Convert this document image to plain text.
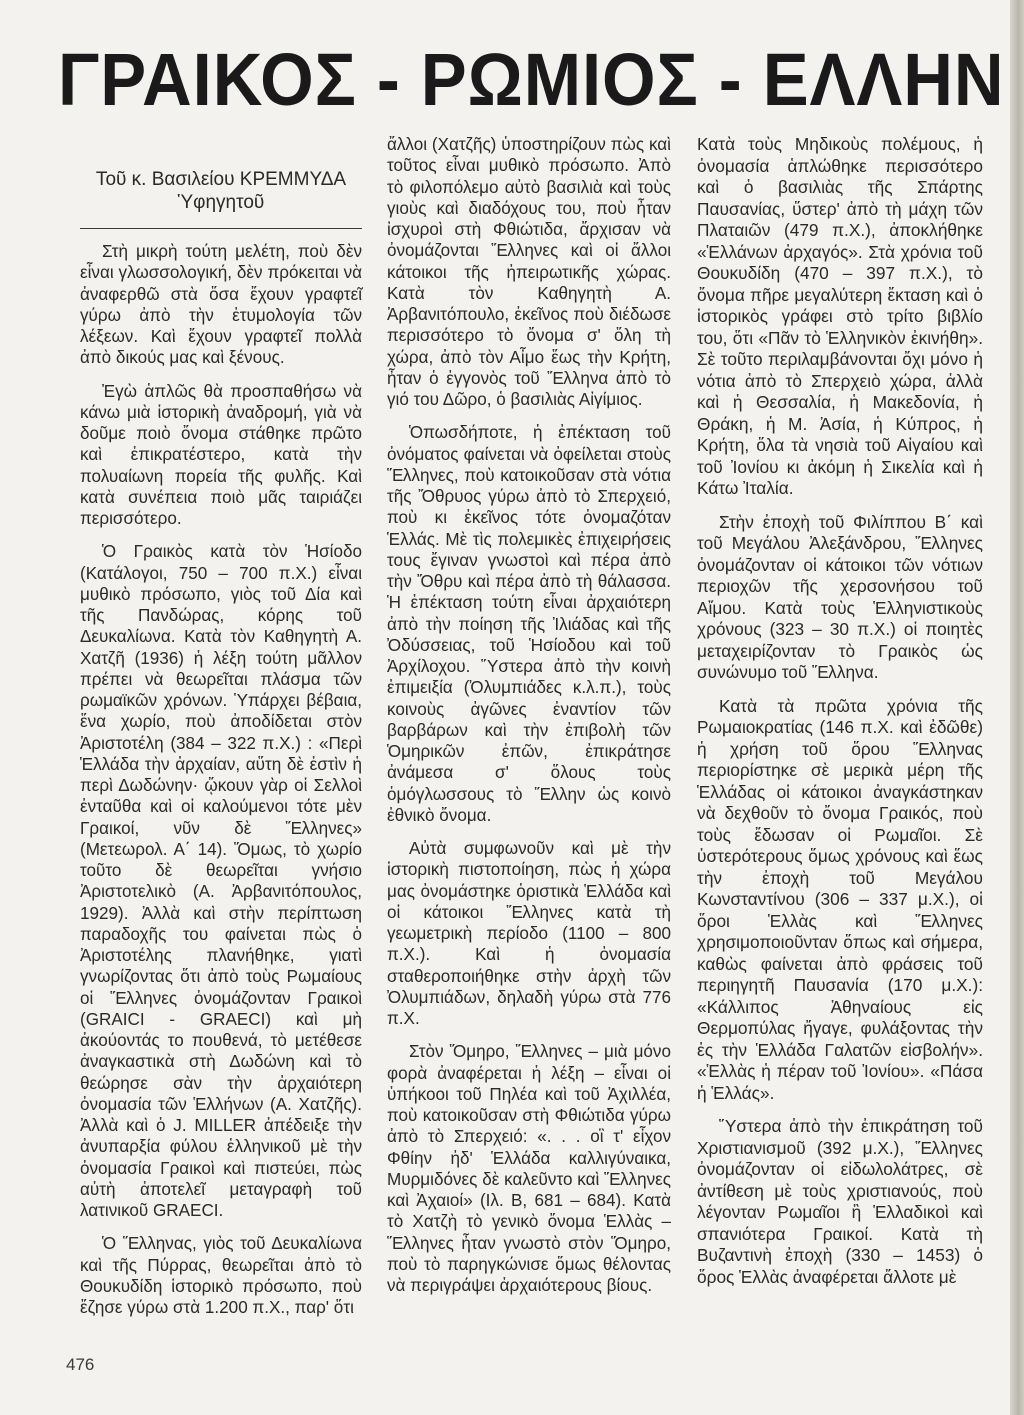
ΓΡΑΙΚΟΣ - ΡΩΜΙΟΣ - ΕΛΛΗΝ
Τοῦ κ. Βασιλείου ΚΡΕΜΜΥΔΑ
Ὑφηγητοῦ

Στὴ μικρὴ τούτη μελέτη, ποὺ δὲν εἶναι γλωσσολογική, δὲν πρόκειται νὰ ἀναφερθῶ στὰ ὅσα ἔχουν γραφτεῖ γύρω ἀπὸ τὴν ἐτυμολογία τῶν λέξεων. Καὶ ἔχουν γραφτεῖ πολλὰ ἀπὸ δικούς μας καὶ ξένους.

Ἐγὼ ἁπλῶς θὰ προσπαθήσω νὰ κάνω μιὰ ἱστορικὴ ἀναδρομή, γιὰ νὰ δοῦμε ποιὸ ὄνομα στάθηκε πρῶτο καὶ ἐπικρατέστερο, κατὰ τὴν πολυαίωνη πορεία τῆς φυλῆς. Καὶ κατὰ συνέπεια ποιὸ μᾶς ταιριάζει περισσότερο.

Ὁ Γραικὸς κατὰ τὸν Ἡσίοδο (Κατάλογοι, 750 – 700 π.Χ.) εἶναι μυθικὸ πρόσωπο, γιὸς τοῦ Δία καὶ τῆς Πανδώρας, κόρης τοῦ Δευκαλίωνα. Κατὰ τὸν Καθηγητὴ Α. Χατζῆ (1936) ἡ λέξη τούτη μᾶλλον πρέπει νὰ θεωρεῖται πλάσμα τῶν ρωμαϊκῶν χρόνων. Ὑπάρχει βέβαια, ἕνα χωρίο, ποὺ ἀποδίδεται στὸν Ἀριστοτέλη (384 – 322 π.Χ.) : «Περὶ Ἑλλάδα τὴν ἀρχαίαν, αὕτη δὲ ἐστὶν ἡ περὶ Δωδώνην· ᾤκουν γὰρ οἱ Σελλοὶ ἐνταῦθα καὶ οἱ καλούμενοι τότε μὲν Γραικοί, νῦν δὲ Ἕλληνες» (Μετεωρολ. Α΄ 14). Ὅμως, τὸ χωρίο τοῦτο δὲ θεωρεῖται γνήσιο Ἀριστοτελικὸ (Α. Ἀρβανιτόπουλος, 1929). Ἀλλὰ καὶ στὴν περίπτωση παραδοχῆς του φαίνεται πὼς ὁ Ἀριστοτέλης πλανήθηκε, γιατὶ γνωρίζοντας ὅτι ἀπὸ τοὺς Ρωμαίους οἱ Ἕλληνες ὀνομάζονταν Γραικοὶ (GRAICI - GRAECI) καὶ μὴ ἀκούοντάς το πουθενά, τὸ μετέθεσε ἀναγκαστικὰ στὴ Δωδώνη καὶ τὸ θεώρησε σὰν τὴν ἀρχαιότερη ὀνομασία τῶν Ἑλλήνων (Α. Χατζῆς). Ἀλλὰ καὶ ὁ J. MILLER ἀπέδειξε τὴν ἀνυπαρξία φύλου ἑλληνικοῦ μὲ τὴν ὀνομασία Γραικοὶ καὶ πιστεύει, πὼς αὐτὴ ἀποτελεῖ μεταγραφὴ τοῦ λατινικοῦ GRAECI.

Ὁ Ἕλληνας, γιὸς τοῦ Δευκαλίωνα καὶ τῆς Πύρρας, θεωρεῖται ἀπὸ τὸ Θουκυδίδη ἱστορικὸ πρόσωπο, ποὺ ἔζησε γύρω στὰ 1.200 π.Χ., παρ' ὅτι

ἄλλοι (Χατζῆς) ὑποστηρίζουν πὼς καὶ τοῦτος εἶναι μυθικὸ πρόσωπο. Ἀπὸ τὸ φιλοπόλεμο αὐτὸ βασιλιὰ καὶ τοὺς γιοὺς καὶ διαδόχους του, ποὺ ἦταν ἰσχυροὶ στὴ Φθιώτιδα, ἄρχισαν νὰ ὀνομάζονται Ἕλληνες καὶ οἱ ἄλλοι κάτοικοι τῆς ἠπειρωτικῆς χώρας. Κατὰ τὸν Καθηγητὴ Α. Ἀρβανιτόπουλο, ἐκεῖνος ποὺ διέδωσε περισσότερο τὸ ὄνομα σ' ὅλη τὴ χώρα, ἀπὸ τὸν Αἶμο ἕως τὴν Κρήτη, ἦταν ὁ ἐγγονὸς τοῦ Ἕλληνα ἀπὸ τὸ γιό του Δῶρο, ὁ βασιλιὰς Αἰγίμιος.

Ὁπωσδήποτε, ἡ ἐπέκταση τοῦ ὀνόματος φαίνεται νὰ ὀφείλεται στοὺς Ἕλληνες, ποὺ κατοικοῦσαν στὰ νότια τῆς Ὄθρυος γύρω ἀπὸ τὸ Σπερχειό, ποὺ κι ἐκεῖνος τότε ὀνομαζόταν Ἑλλάς. Μὲ τὶς πολεμικὲς ἐπιχειρήσεις τους ἔγιναν γνωστοὶ καὶ πέρα ἀπὸ τὴν Ὄθρυ καὶ πέρα ἀπὸ τὴ θάλασσα. Ἡ ἐπέκταση τούτη εἶναι ἀρχαιότερη ἀπὸ τὴν ποίηση τῆς Ἰλιάδας καὶ τῆς Ὀδύσσειας, τοῦ Ἡσίοδου καὶ τοῦ Ἀρχίλοχου. Ὕστερα ἀπὸ τὴν κοινὴ ἐπιμειξία (Ὀλυμπιάδες κ.λ.π.), τοὺς κοινοὺς ἀγῶνες ἐναντίον τῶν βαρβάρων καὶ τὴν ἐπιβολὴ τῶν Ὁμηρικῶν ἐπῶν, ἐπικράτησε ἀνάμεσα σ' ὅλους τοὺς ὁμόγλωσσους τὸ Ἕλλην ὡς κοινὸ ἐθνικὸ ὄνομα.

Αὐτὰ συμφωνοῦν καὶ μὲ τὴν ἱστορικὴ πιστοποίηση, πὼς ἡ χώρα μας ὀνομάστηκε ὁριστικὰ Ἑλλάδα καὶ οἱ κάτοικοι Ἕλληνες κατὰ τὴ γεωμετρικὴ περίοδο (1100 – 800 π.Χ.). Καὶ ἡ ὀνομασία σταθεροποιήθηκε στὴν ἀρχὴ τῶν Ὀλυμπιάδων, δηλαδὴ γύρω στὰ 776 π.Χ.

Στὸν Ὅμηρο, Ἕλληνες – μιὰ μόνο φορὰ ἀναφέρεται ἡ λέξη – εἶναι οἱ ὑπήκοοι τοῦ Πηλέα καὶ τοῦ Ἀχιλλέα, ποὺ κατοικοῦσαν στὴ Φθιώτιδα γύρω ἀπὸ τὸ Σπερχειό: «. . . οἳ τ' εἶχον Φθίην ἠδ' Ἑλλάδα καλλιγύναικα, Μυρμιδόνες δὲ καλεῦντο καὶ Ἕλληνες καὶ Ἀχαιοί» (Ιλ. Β, 681 – 684). Κατὰ τὸ Χατζὴ τὸ γενικὸ ὄνομα Ἑλλὰς – Ἕλληνες ἦταν γνωστὸ στὸν Ὅμηρο, ποὺ τὸ παρηγκώνισε ὅμως θέλοντας νὰ περιγράψει ἀρχαιότερους βίους.

Κατὰ τοὺς Μηδικοὺς πολέμους, ἡ ὀνομασία ἁπλώθηκε περισσότερο καὶ ὁ βασιλιὰς τῆς Σπάρτης Παυσανίας, ὕστερ' ἀπὸ τὴ μάχη τῶν Πλαταιῶν (479 π.Χ.), ἀποκλήθηκε «Ἑλλάνων ἀρχαγός». Στὰ χρόνια τοῦ Θουκυδίδη (470 – 397 π.Χ.), τὸ ὄνομα πῆρε μεγαλύτερη ἔκταση καὶ ὁ ἱστορικὸς γράφει στὸ τρίτο βιβλίο του, ὅτι «Πᾶν τὸ Ἑλληνικὸν ἐκινήθη». Σὲ τοῦτο περιλαμβάνονται ὄχι μόνο ἡ νότια ἀπὸ τὸ Σπερχειὸ χώρα, ἀλλὰ καὶ ἡ Θεσσαλία, ἡ Μακεδονία, ἡ Θράκη, ἡ Μ. Ἀσία, ἡ Κύπρος, ἡ Κρήτη, ὅλα τὰ νησιὰ τοῦ Αἰγαίου καὶ τοῦ Ἰονίου κι ἀκόμη ἡ Σικελία καὶ ἡ Κάτω Ἰταλία.

Στὴν ἐποχὴ τοῦ Φιλίππου Β΄ καὶ τοῦ Μεγάλου Ἀλεξάνδρου, Ἕλληνες ὀνομάζονταν οἱ κάτοικοι τῶν νότιων περιοχῶν τῆς χερσονήσου τοῦ Αἴμου. Κατὰ τοὺς Ἑλληνιστικοὺς χρόνους (323 – 30 π.Χ.) οἱ ποιητὲς μεταχειρίζονταν τὸ Γραικὸς ὡς συνώνυμο τοῦ Ἕλληνα.

Κατὰ τὰ πρῶτα χρόνια τῆς Ρωμαιοκρατίας (146 π.Χ. καὶ ἐδῶθε) ἡ χρήση τοῦ ὅρου Ἕλληνας περιορίστηκε σὲ μερικὰ μέρη τῆς Ἑλλάδας οἱ κάτοικοι ἀναγκάστηκαν νὰ δεχθοῦν τὸ ὄνομα Γραικός, ποὺ τοὺς ἔδωσαν οἱ Ρωμαῖοι. Σὲ ὑστερότερους ὅμως χρόνους καὶ ἕως τὴν ἐποχὴ τοῦ Μεγάλου Κωνσταντίνου (306 – 337 μ.Χ.), οἱ ὅροι Ἑλλὰς καὶ Ἕλληνες χρησιμοποιοῦνταν ὅπως καὶ σήμερα, καθὼς φαίνεται ἀπὸ φράσεις τοῦ περιηγητῆ Παυσανία (170 μ.Χ.): «Κάλλιπος Ἀθηναίους εἰς Θερμοπύλας ἤγαγε, φυλάξοντας τὴν ἐς τὴν Ἑλλάδα Γαλατῶν εἰσβολήν». «Ἑλλὰς ἡ πέραν τοῦ Ἰονίου». «Πάσα ἡ Ἑλλάς».

Ὕστερα ἀπὸ τὴν ἐπικράτηση τοῦ Χριστιανισμοῦ (392 μ.Χ.), Ἕλληνες ὀνομάζονταν οἱ εἰδωλολάτρες, σὲ ἀντίθεση μὲ τοὺς χριστιανούς, ποὺ λέγονταν Ρωμαῖοι ἢ Ἑλλαδικοὶ καὶ σπανιότερα Γραικοί. Κατὰ τὴ Βυζαντινὴ ἐποχὴ (330 – 1453) ὁ ὅρος Ἑλλὰς ἀναφέρεται ἄλλοτε μὲ

476
